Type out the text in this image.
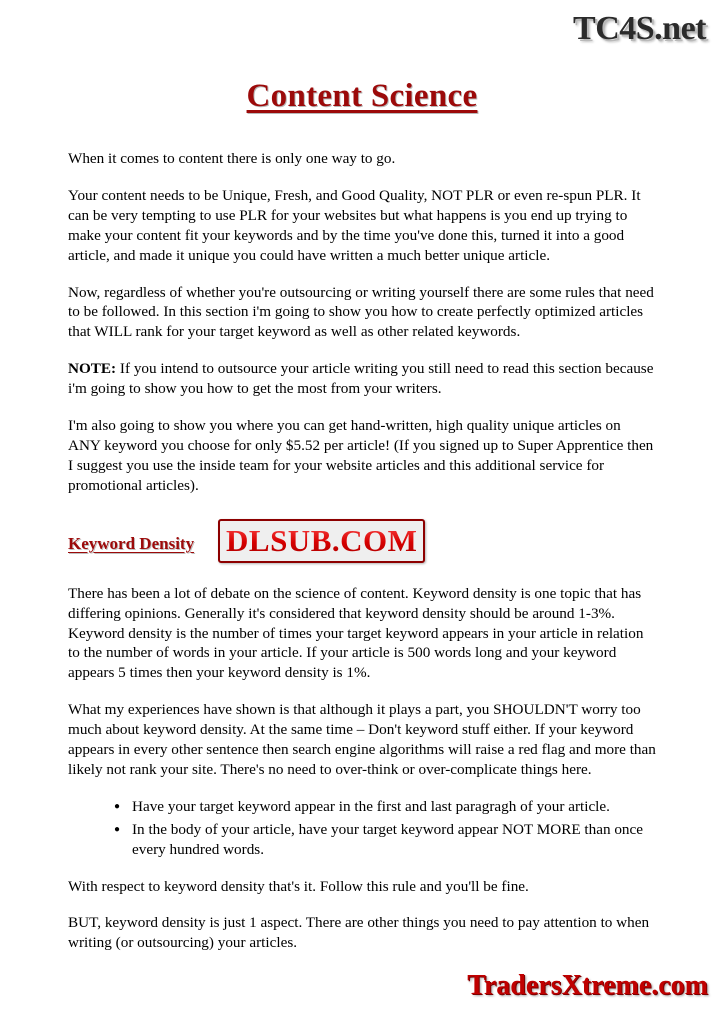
TC4S.net
Content Science

When it comes to content there is only one way to go.

Your content needs to be Unique, Fresh, and Good Quality, NOT PLR or even re-spun PLR. It can be very tempting to use PLR for your websites but what happens is you end up trying to make your content fit your keywords and by the time you've done this, turned it into a good article, and made it unique you could have written a much better unique article.

Now, regardless of whether you're outsourcing or writing yourself there are some rules that need to be followed. In this section i'm going to show you how to create perfectly optimized articles that WILL rank for your target keyword as well as other related keywords.

NOTE: If you intend to outsource your article writing you still need to read this section because i'm going to show you how to get the most from your writers.

I'm also going to show you where you can get hand-written, high quality unique articles on ANY keyword you choose for only $5.52 per article! (If you signed up to Super Apprentice then I suggest you use the inside team for your website articles and this additional service for promotional articles).

Keyword Density DLSUB.COM

There has been a lot of debate on the science of content. Keyword density is one topic that has differing opinions. Generally it's considered that keyword density should be around 1-3%. Keyword density is the number of times your target keyword appears in your article in relation to the number of words in your article. If your article is 500 words long and your keyword appears 5 times then your keyword density is 1%.

What my experiences have shown is that although it plays a part, you SHOULDN'T worry too much about keyword density. At the same time – Don't keyword stuff either. If your keyword appears in every other sentence then search engine algorithms will raise a red flag and more than likely not rank your site. There's no need to over-think or over-complicate things here.

● Have your target keyword appear in the first and last paragragh of your article.
● In the body of your article, have your target keyword appear NOT MORE than once every hundred words.

With respect to keyword density that's it. Follow this rule and you'll be fine.

BUT, keyword density is just 1 aspect. There are other things you need to pay attention to when writing (or outsourcing) your articles.

TradersXtreme.com
